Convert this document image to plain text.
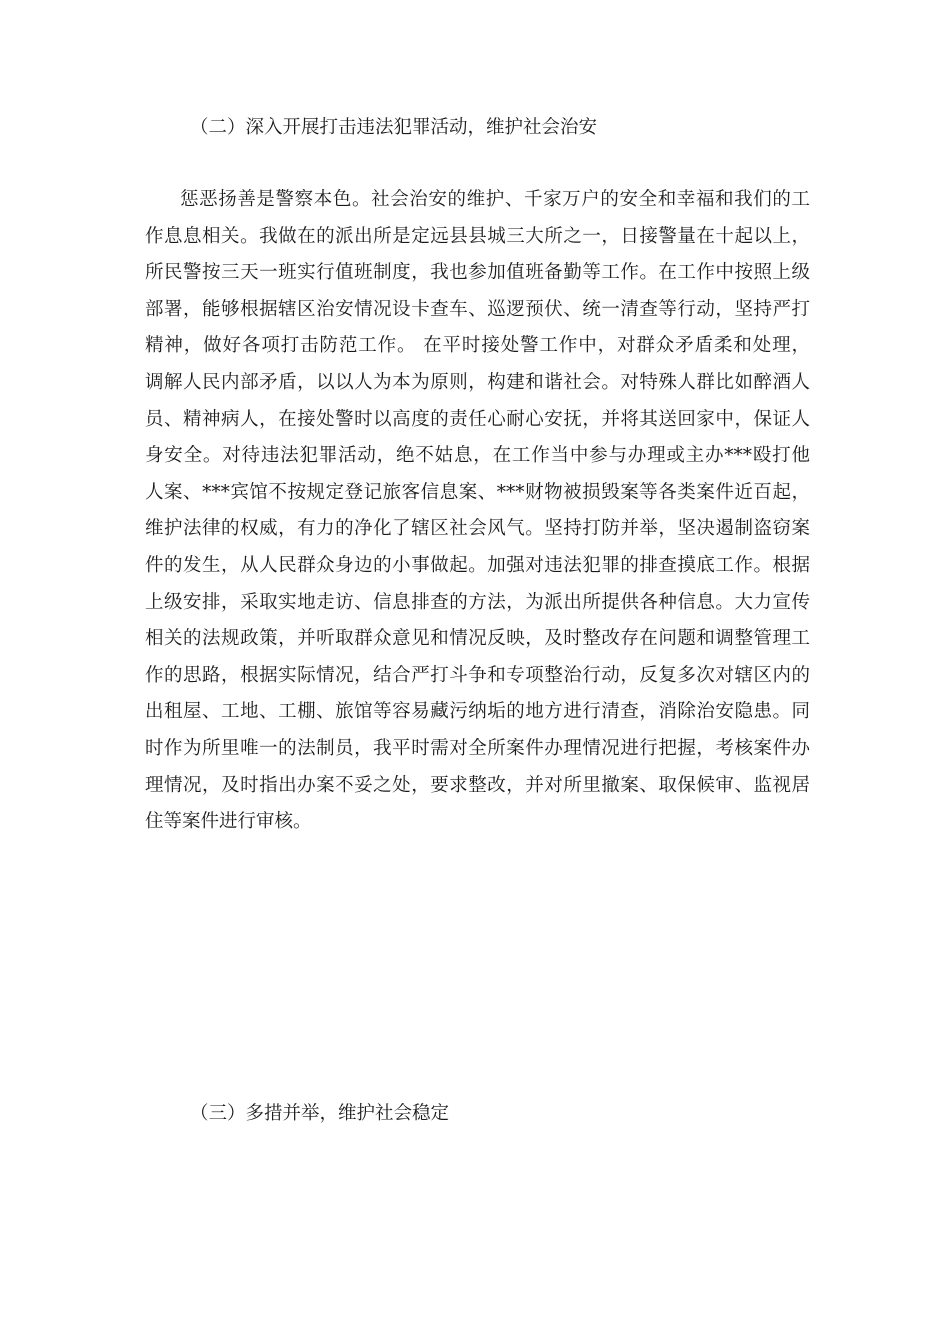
（二）深入开展打击违法犯罪活动，维护社会治安
惩恶扬善是警察本色。社会治安的维护、千家万户的安全和幸福和我们的工
作息息相关。我做在的派出所是定远县县城三大所之一，日接警量在十起以上，
所民警按三天一班实行值班制度，我也参加值班备勤等工作。在工作中按照上级
部署，能够根据辖区治安情况设卡查车、巡逻预伏、统一清查等行动，坚持严打
精神，做好各项打击防范工作。 在平时接处警工作中，对群众矛盾柔和处理，
调解人民内部矛盾，以以人为本为原则，构建和谐社会。对特殊人群比如醉酒人
员、精神病人，在接处警时以高度的责任心耐心安抚，并将其送回家中，保证人
身安全。对待违法犯罪活动，绝不姑息，在工作当中参与办理或主办***殴打他
人案、***宾馆不按规定登记旅客信息案、***财物被损毁案等各类案件近百起，
维护法律的权威，有力的净化了辖区社会风气。坚持打防并举，坚决遏制盗窃案
件的发生，从人民群众身边的小事做起。加强对违法犯罪的排查摸底工作。根据
上级安排，采取实地走访、信息排查的方法，为派出所提供各种信息。大力宣传
相关的法规政策，并听取群众意见和情况反映，及时整改存在问题和调整管理工
作的思路，根据实际情况，结合严打斗争和专项整治行动，反复多次对辖区内的
出租屋、工地、工棚、旅馆等容易藏污纳垢的地方进行清查，消除治安隐患。同
时作为所里唯一的法制员，我平时需对全所案件办理情况进行把握，考核案件办
理情况，及时指出办案不妥之处，要求整改，并对所里撤案、取保候审、监视居
住等案件进行审核。
（三）多措并举，维护社会稳定
